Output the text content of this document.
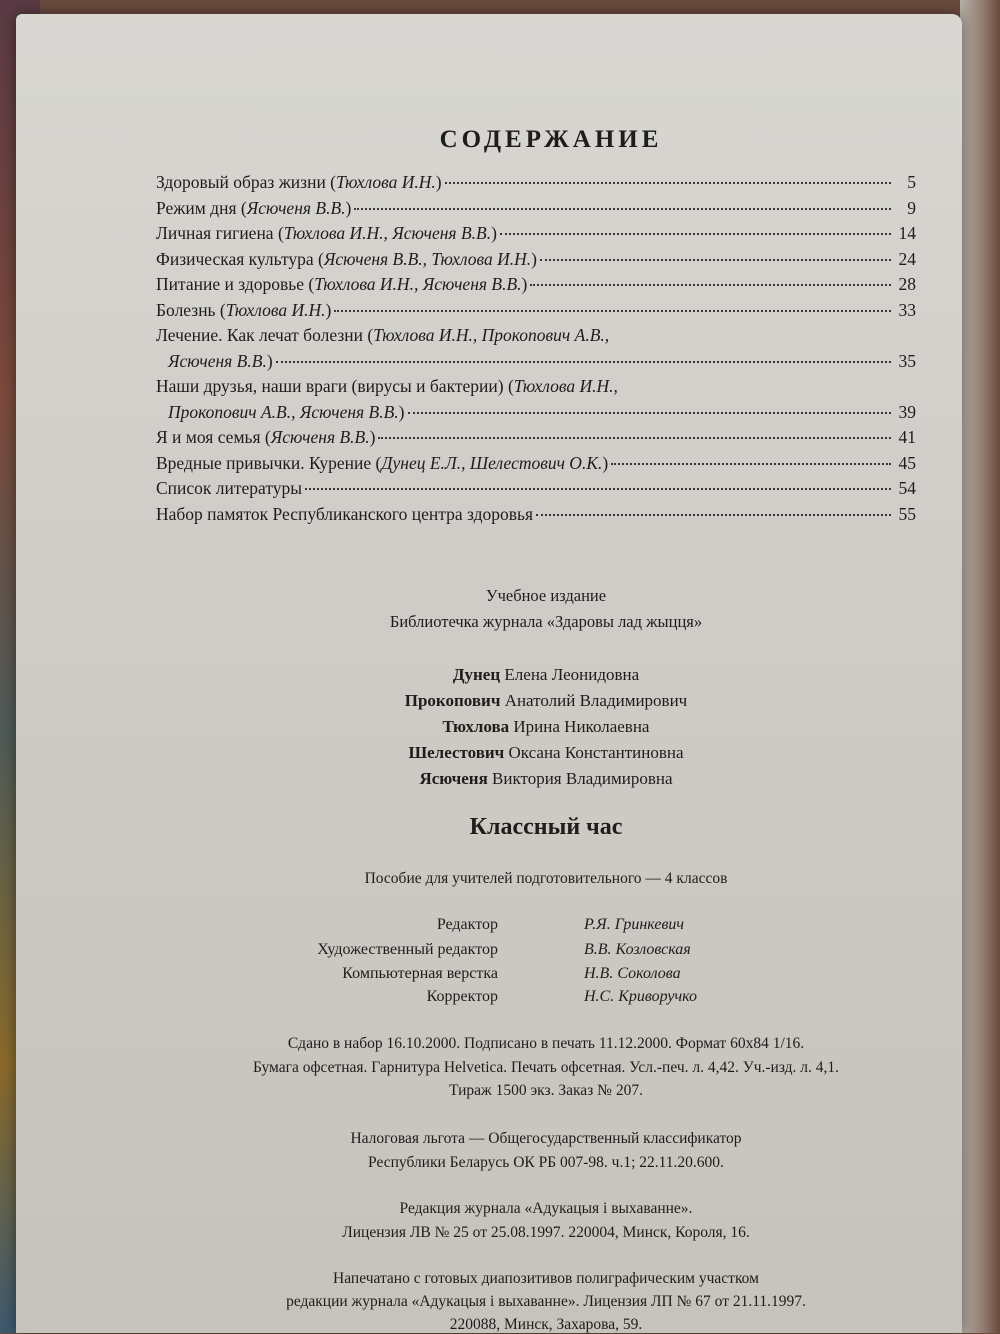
СОДЕРЖАНИЕ
Здоровый образ жизни (Тюхлова И.Н.)	5
Режим дня (Ясюченя В.В.)	9
Личная гигиена (Тюхлова И.Н., Ясюченя В.В.)	14
Физическая культура (Ясюченя В.В., Тюхлова И.Н.)	24
Питание и здоровье (Тюхлова И.Н., Ясюченя В.В.)	28
Болезнь (Тюхлова И.Н.)	33
Лечение. Как лечат болезни (Тюхлова И.Н., Прокопович А.В.,
Ясюченя В.В.)	35
Наши друзья, наши враги (вирусы и бактерии) (Тюхлова И.Н.,
Прокопович А.В., Ясюченя В.В.)	39
Я и моя семья (Ясюченя В.В.)	41
Вредные привычки. Курение (Дунец Е.Л., Шелестович О.К.)	45
Список литературы	54
Набор памяток Республиканского центра здоровья	55
Учебное издание
Библиотечка журнала «Здаровы лад жыцця»
Дунец Елена Леонидовна
Прокопович Анатолий Владимирович
Тюхлова Ирина Николаевна
Шелестович Оксана Константиновна
Ясюченя Виктория Владимировна
Классный час
Пособие для учителей подготовительного — 4 классов
Редактор	Р.Я. Гринкевич
Художественный редактор	В.В. Козловская
Компьютерная верстка	Н.В. Соколова
Корректор	Н.С. Криворучко
Сдано в набор 16.10.2000. Подписано в печать 11.12.2000. Формат 60х84 1/16.
Бумага офсетная. Гарнитура Helvetica. Печать офсетная. Усл.-печ. л. 4,42. Уч.-изд. л. 4,1.
Тираж 1500 экз. Заказ № 207.
Налоговая льгота — Общегосударственный классификатор
Республики Беларусь ОК РБ 007-98. ч.1; 22.11.20.600.
Редакция журнала «Адукацыя і выхаванне».
Лицензия ЛВ № 25 от 25.08.1997. 220004, Минск, Короля, 16.
Напечатано с готовых диапозитивов полиграфическим участком
редакции журнала «Адукацыя і выхаванне». Лицензия ЛП № 67 от 21.11.1997.
220088, Минск, Захарова, 59.
